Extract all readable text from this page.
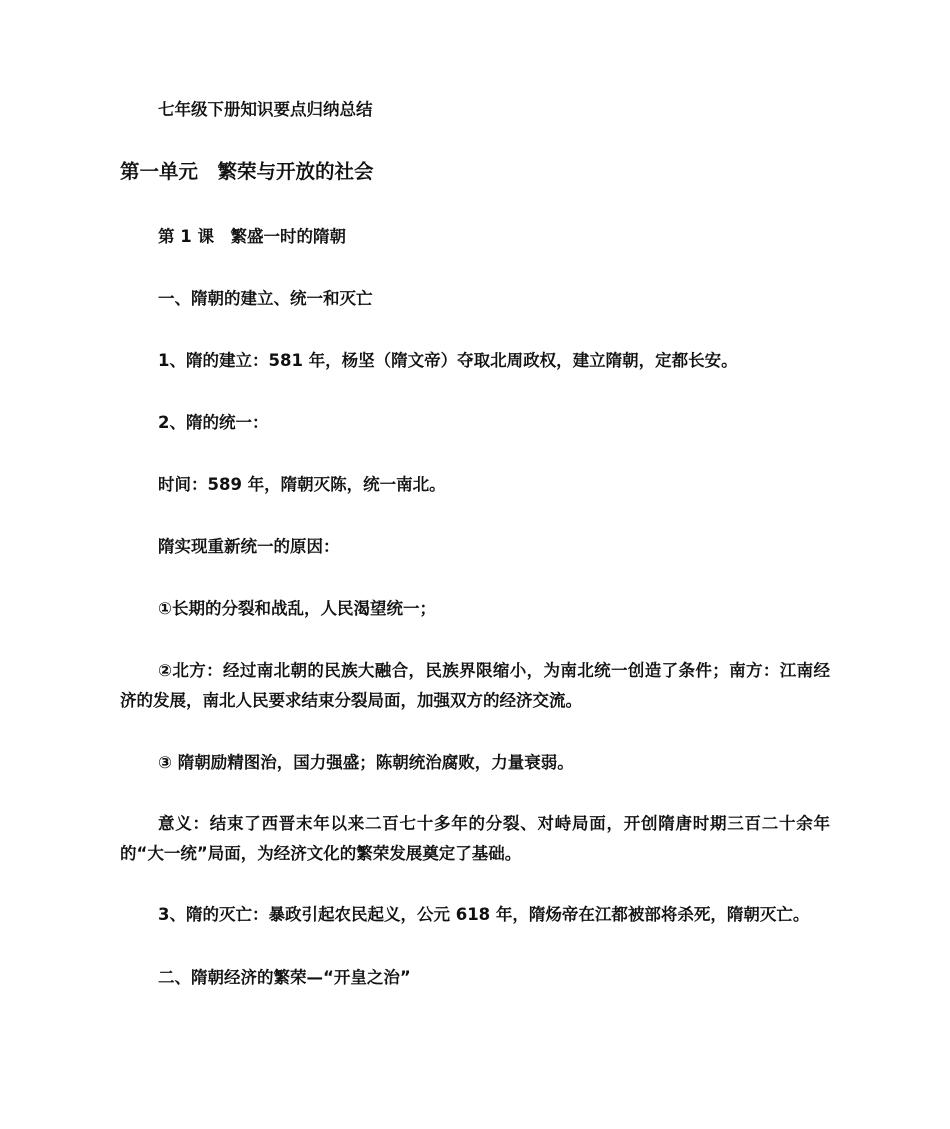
七年级下册知识要点归纳总结
第一单元　繁荣与开放的社会
第 1 课　繁盛一时的隋朝
一、隋朝的建立、统一和灭亡
1、隋的建立：581 年，杨坚（隋文帝）夺取北周政权，建立隋朝，定都长安。
2、隋的统一：
时间：589 年，隋朝灭陈，统一南北。
隋实现重新统一的原因：
①长期的分裂和战乱，人民渴望统一；
②北方：经过南北朝的民族大融合，民族界限缩小，为南北统一创造了条件；南方：江南经济的发展，南北人民要求结束分裂局面，加强双方的经济交流。
③ 隋朝励精图治，国力强盛；陈朝统治腐败，力量衰弱。
意义：结束了西晋末年以来二百七十多年的分裂、对峙局面，开创隋唐时期三百二十余年的“大一统”局面，为经济文化的繁荣发展奠定了基础。
3、隋的灭亡：暴政引起农民起义，公元 618 年，隋炀帝在江都被部将杀死，隋朝灭亡。
二、隋朝经济的繁荣—“开皇之治”
